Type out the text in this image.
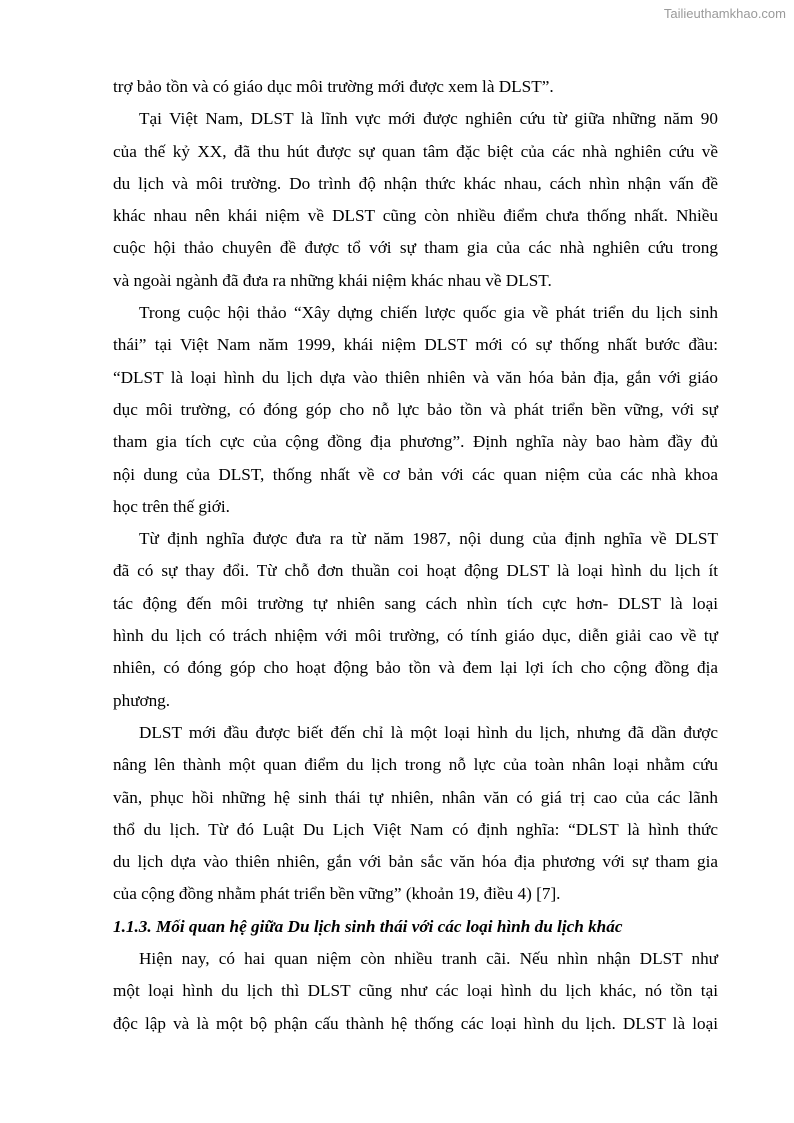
Tailieuthamkhao.com
trợ bảo tồn và có giáo dục môi trường mới được xem là DLST”.
Tại Việt Nam, DLST là lĩnh vực mới được nghiên cứu từ giữa những năm 90
của thế kỷ XX, đã thu hút được sự quan tâm đặc biệt của các nhà nghiên cứu về
du lịch và môi trường. Do trình độ nhận thức khác nhau, cách nhìn nhận vấn đề
khác nhau nên khái niệm về DLST cũng còn nhiều điểm chưa thống nhất. Nhiều
cuộc hội thảo chuyên đề được tổ với sự tham gia của các nhà nghiên cứu trong
và ngoài ngành đã đưa ra những khái niệm khác nhau về DLST.
Trong cuộc hội thảo “Xây dựng chiến lược quốc gia về phát triển du lịch sinh
thái” tại Việt Nam năm 1999, khái niệm DLST mới có sự thống nhất bước đầu:
“DLST là loại hình du lịch dựa vào thiên nhiên và văn hóa bản địa, gắn với giáo
dục môi trường, có đóng góp cho nỗ lực bảo tồn và phát triển bền vững, với sự
tham gia tích cực của cộng đồng địa phương”. Định nghĩa này bao hàm đầy đủ
nội dung của DLST, thống nhất về cơ bản với các quan niệm của các nhà khoa
học trên thế giới.
Từ định nghĩa được đưa ra từ năm 1987, nội dung của định nghĩa về DLST
đã có sự thay đổi. Từ chỗ đơn thuần coi hoạt động DLST là loại hình du lịch ít
tác động đến môi trường tự nhiên sang cách nhìn tích cực hơn- DLST là loại
hình du lịch có trách nhiệm với môi trường, có tính giáo dục, diễn giải cao về tự
nhiên, có đóng góp cho hoạt động bảo tồn và đem lại lợi ích cho cộng đồng địa
phương.
DLST mới đầu được biết đến chỉ là một loại hình du lịch, nhưng đã dần được
nâng lên thành một quan điểm du lịch trong nỗ lực của toàn nhân loại nhằm cứu
vãn, phục hồi những hệ sinh thái tự nhiên, nhân văn có giá trị cao của các lãnh
thổ du lịch. Từ đó Luật Du Lịch Việt Nam có định nghĩa: “DLST là hình thức
du lịch dựa vào thiên nhiên, gắn với bản sắc văn hóa địa phương với sự tham gia
của cộng đồng nhằm phát triển bền vững” (khoản 19, điều 4) [7].
1.1.3. Mối quan hệ giữa Du lịch sinh thái với các loại hình du lịch khác
Hiện nay, có hai quan niệm còn nhiều tranh cãi. Nếu nhìn nhận DLST như
một loại hình du lịch thì DLST cũng như các loại hình du lịch khác, nó tồn tại
độc lập và là một bộ phận cấu thành hệ thống các loại hình du lịch. DLST là loại
